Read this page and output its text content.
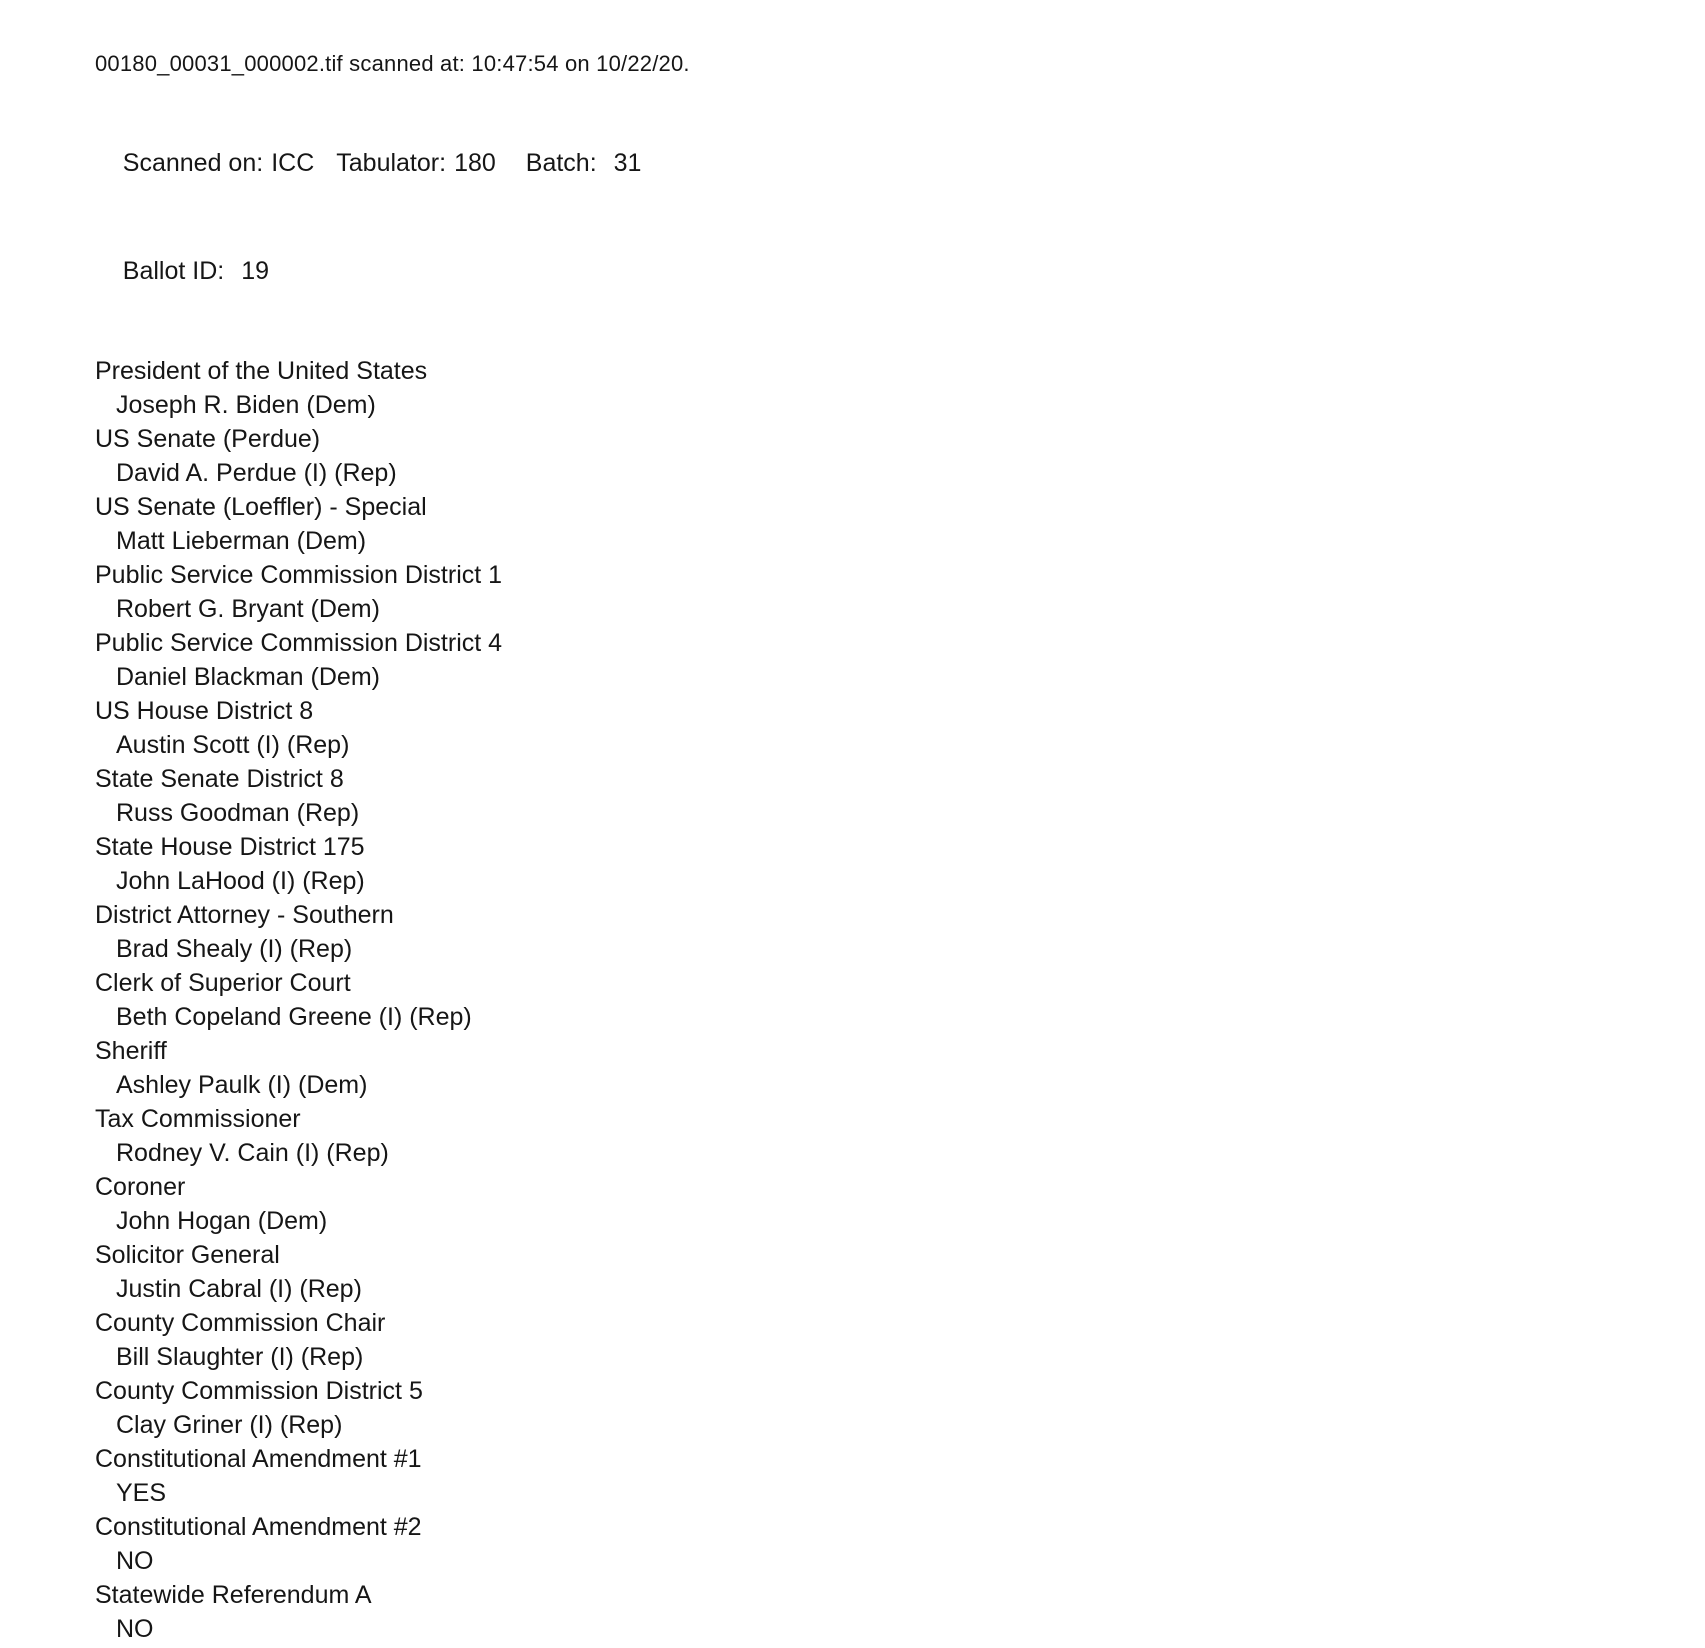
00180_00031_000002.tif scanned at: 10:47:54 on 10/22/20.

Scanned on: ICC Tabulator: 180 Batch: 31

Ballot ID: 19

President of the United States
Joseph R. Biden (Dem)
US Senate (Perdue)
David A. Perdue (I) (Rep)
US Senate (Loeffler) - Special
Matt Lieberman (Dem)
Public Service Commission District 1
Robert G. Bryant (Dem)
Public Service Commission District 4
Daniel Blackman (Dem)
US House District 8
Austin Scott (I) (Rep)
State Senate District 8
Russ Goodman (Rep)
State House District 175
John LaHood (I) (Rep)
District Attorney - Southern
Brad Shealy (I) (Rep)
Clerk of Superior Court
Beth Copeland Greene (I) (Rep)
Sheriff
Ashley Paulk (I) (Dem)
Tax Commissioner
Rodney V. Cain (I) (Rep)
Coroner
John Hogan (Dem)
Solicitor General
Justin Cabral (I) (Rep)
County Commission Chair
Bill Slaughter (I) (Rep)
County Commission District 5
Clay Griner (I) (Rep)
Constitutional Amendment #1
YES
Constitutional Amendment #2
NO
Statewide Referendum A
NO
